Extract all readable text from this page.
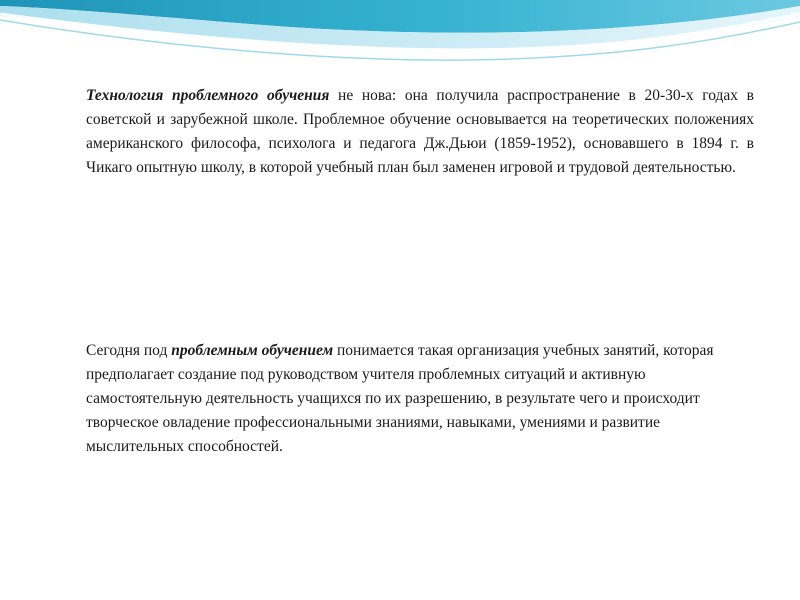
Технология проблемного обучения не нова: она получила распространение в 20-30-х годах в советской и зарубежной школе. Проблемное обучение основывается на теоретических положениях американского философа, психолога и педагога Дж.Дьюи (1859-1952), основавшего в 1894 г. в Чикаго опытную школу, в которой учебный план был заменен игровой и трудовой деятельностью.

Сегодня под проблемным обучением понимается такая организация учебных занятий, которая предполагает создание под руководством учителя проблемных ситуаций и активную самостоятельную деятельность учащихся по их разрешению, в результате чего и происходит творческое овладение профессиональными знаниями, навыками, умениями и развитие мыслительных способностей.
